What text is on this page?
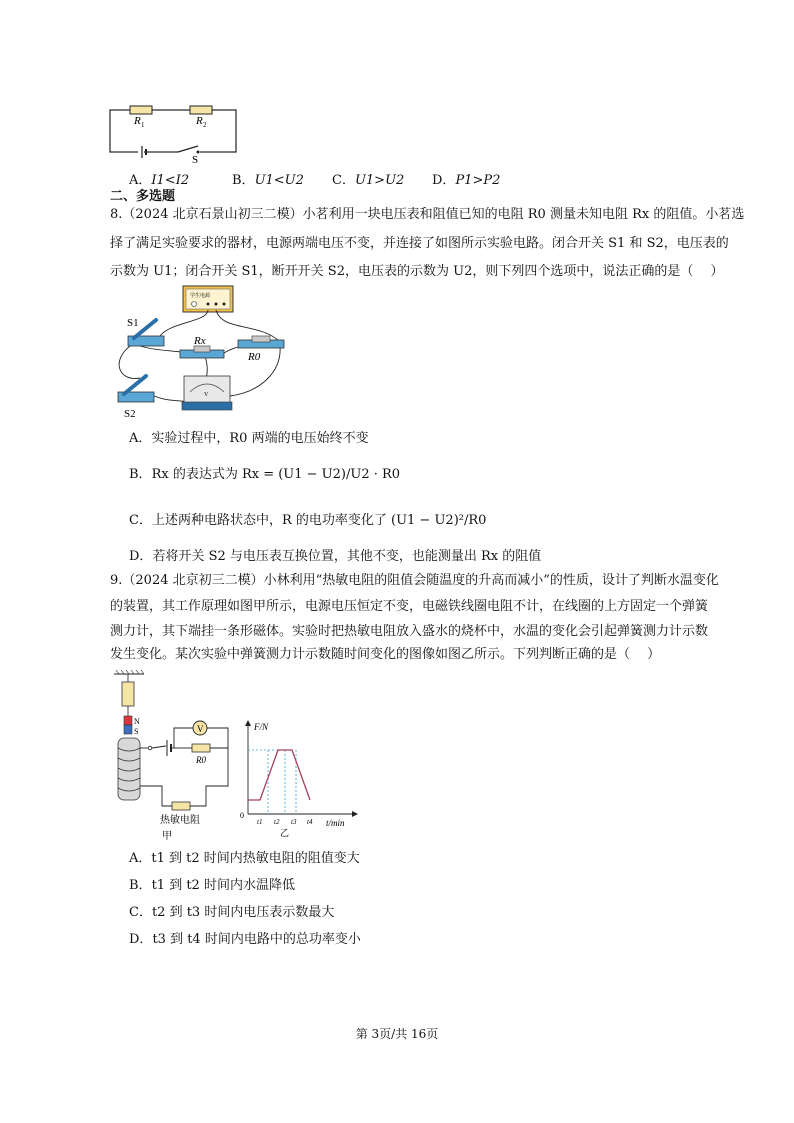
R 1	R 2
S
A．I1<I2	B．U1<U2 C．U1>U2 D．P1>P2
二、多选题
8.（2024 北京石景山初三二模）小茗利用一块电压表和阻值已知的电阻 R0 测量未知电阻 Rx 的阻值。小茗选
择了满足实验要求的器材，电源两端电压不变，并连接了如图所示实验电路。闭合开关 S1 和 S2，电压表的
示数为 U1；闭合开关 S1，断开开关 S2，电压表的示数为 U2，则下列四个选项中，说法正确的是（　 ）
学生电源
S1
Rx
R0
S2
V
A．实验过程中，R0 两端的电压始终不变
B．Rx 的表达式为 Rx = (U1 − U2)/U2 · R0
C．上述两种电路状态中，R 的电功率变化了 (U1 − U2)²/R0
D．若将开关 S2 与电压表互换位置，其他不变，也能测量出 Rx 的阻值
9.（2024 北京初三二模）小林利用“热敏电阻的阻值会随温度的升高而减小”的性质，设计了判断水温变化
的装置，其工作原理如图甲所示，电源电压恒定不变，电磁铁线圈电阻不计，在线圈的上方固定一个弹簧
测力计，其下端挂一条形磁体。实验时把热敏电阻放入盛水的烧杯中，水温的变化会引起弹簧测力计示数
发生变化。某次实验中弹簧测力计示数随时间变化的图像如图乙所示。下列判断正确的是（　 ）
N
S	V
R0
热敏电阻
甲
F/N
0
t/min
t1 t2 t3 t4
乙
A．t1 到 t2 时间内热敏电阻的阻值变大
B．t1 到 t2 时间内水温降低
C．t2 到 t3 时间内电压表示数最大
D．t3 到 t4 时间内电路中的总功率变小
第 3页/共 16页
